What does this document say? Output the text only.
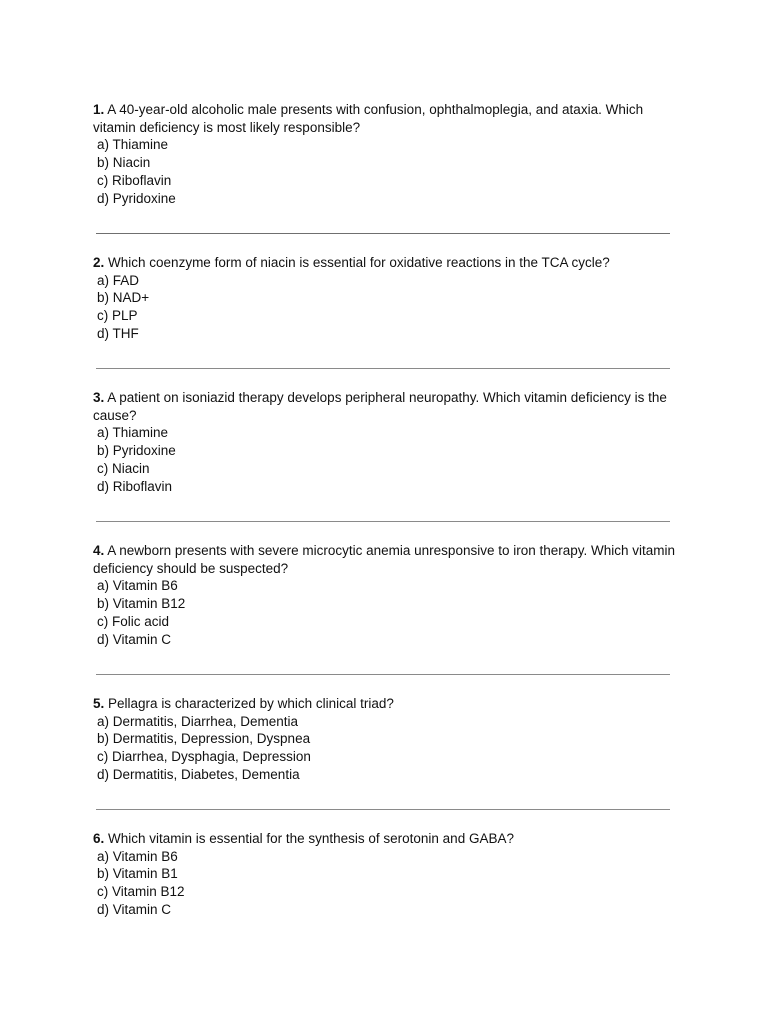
1. A 40-year-old alcoholic male presents with confusion, ophthalmoplegia, and ataxia. Which vitamin deficiency is most likely responsible?
a) Thiamine
b) Niacin
c) Riboflavin
d) Pyridoxine
2. Which coenzyme form of niacin is essential for oxidative reactions in the TCA cycle?
a) FAD
b) NAD+
c) PLP
d) THF
3. A patient on isoniazid therapy develops peripheral neuropathy. Which vitamin deficiency is the cause?
a) Thiamine
b) Pyridoxine
c) Niacin
d) Riboflavin
4. A newborn presents with severe microcytic anemia unresponsive to iron therapy. Which vitamin deficiency should be suspected?
a) Vitamin B6
b) Vitamin B12
c) Folic acid
d) Vitamin C
5. Pellagra is characterized by which clinical triad?
a) Dermatitis, Diarrhea, Dementia
b) Dermatitis, Depression, Dyspnea
c) Diarrhea, Dysphagia, Depression
d) Dermatitis, Diabetes, Dementia
6. Which vitamin is essential for the synthesis of serotonin and GABA?
a) Vitamin B6
b) Vitamin B1
c) Vitamin B12
d) Vitamin C
